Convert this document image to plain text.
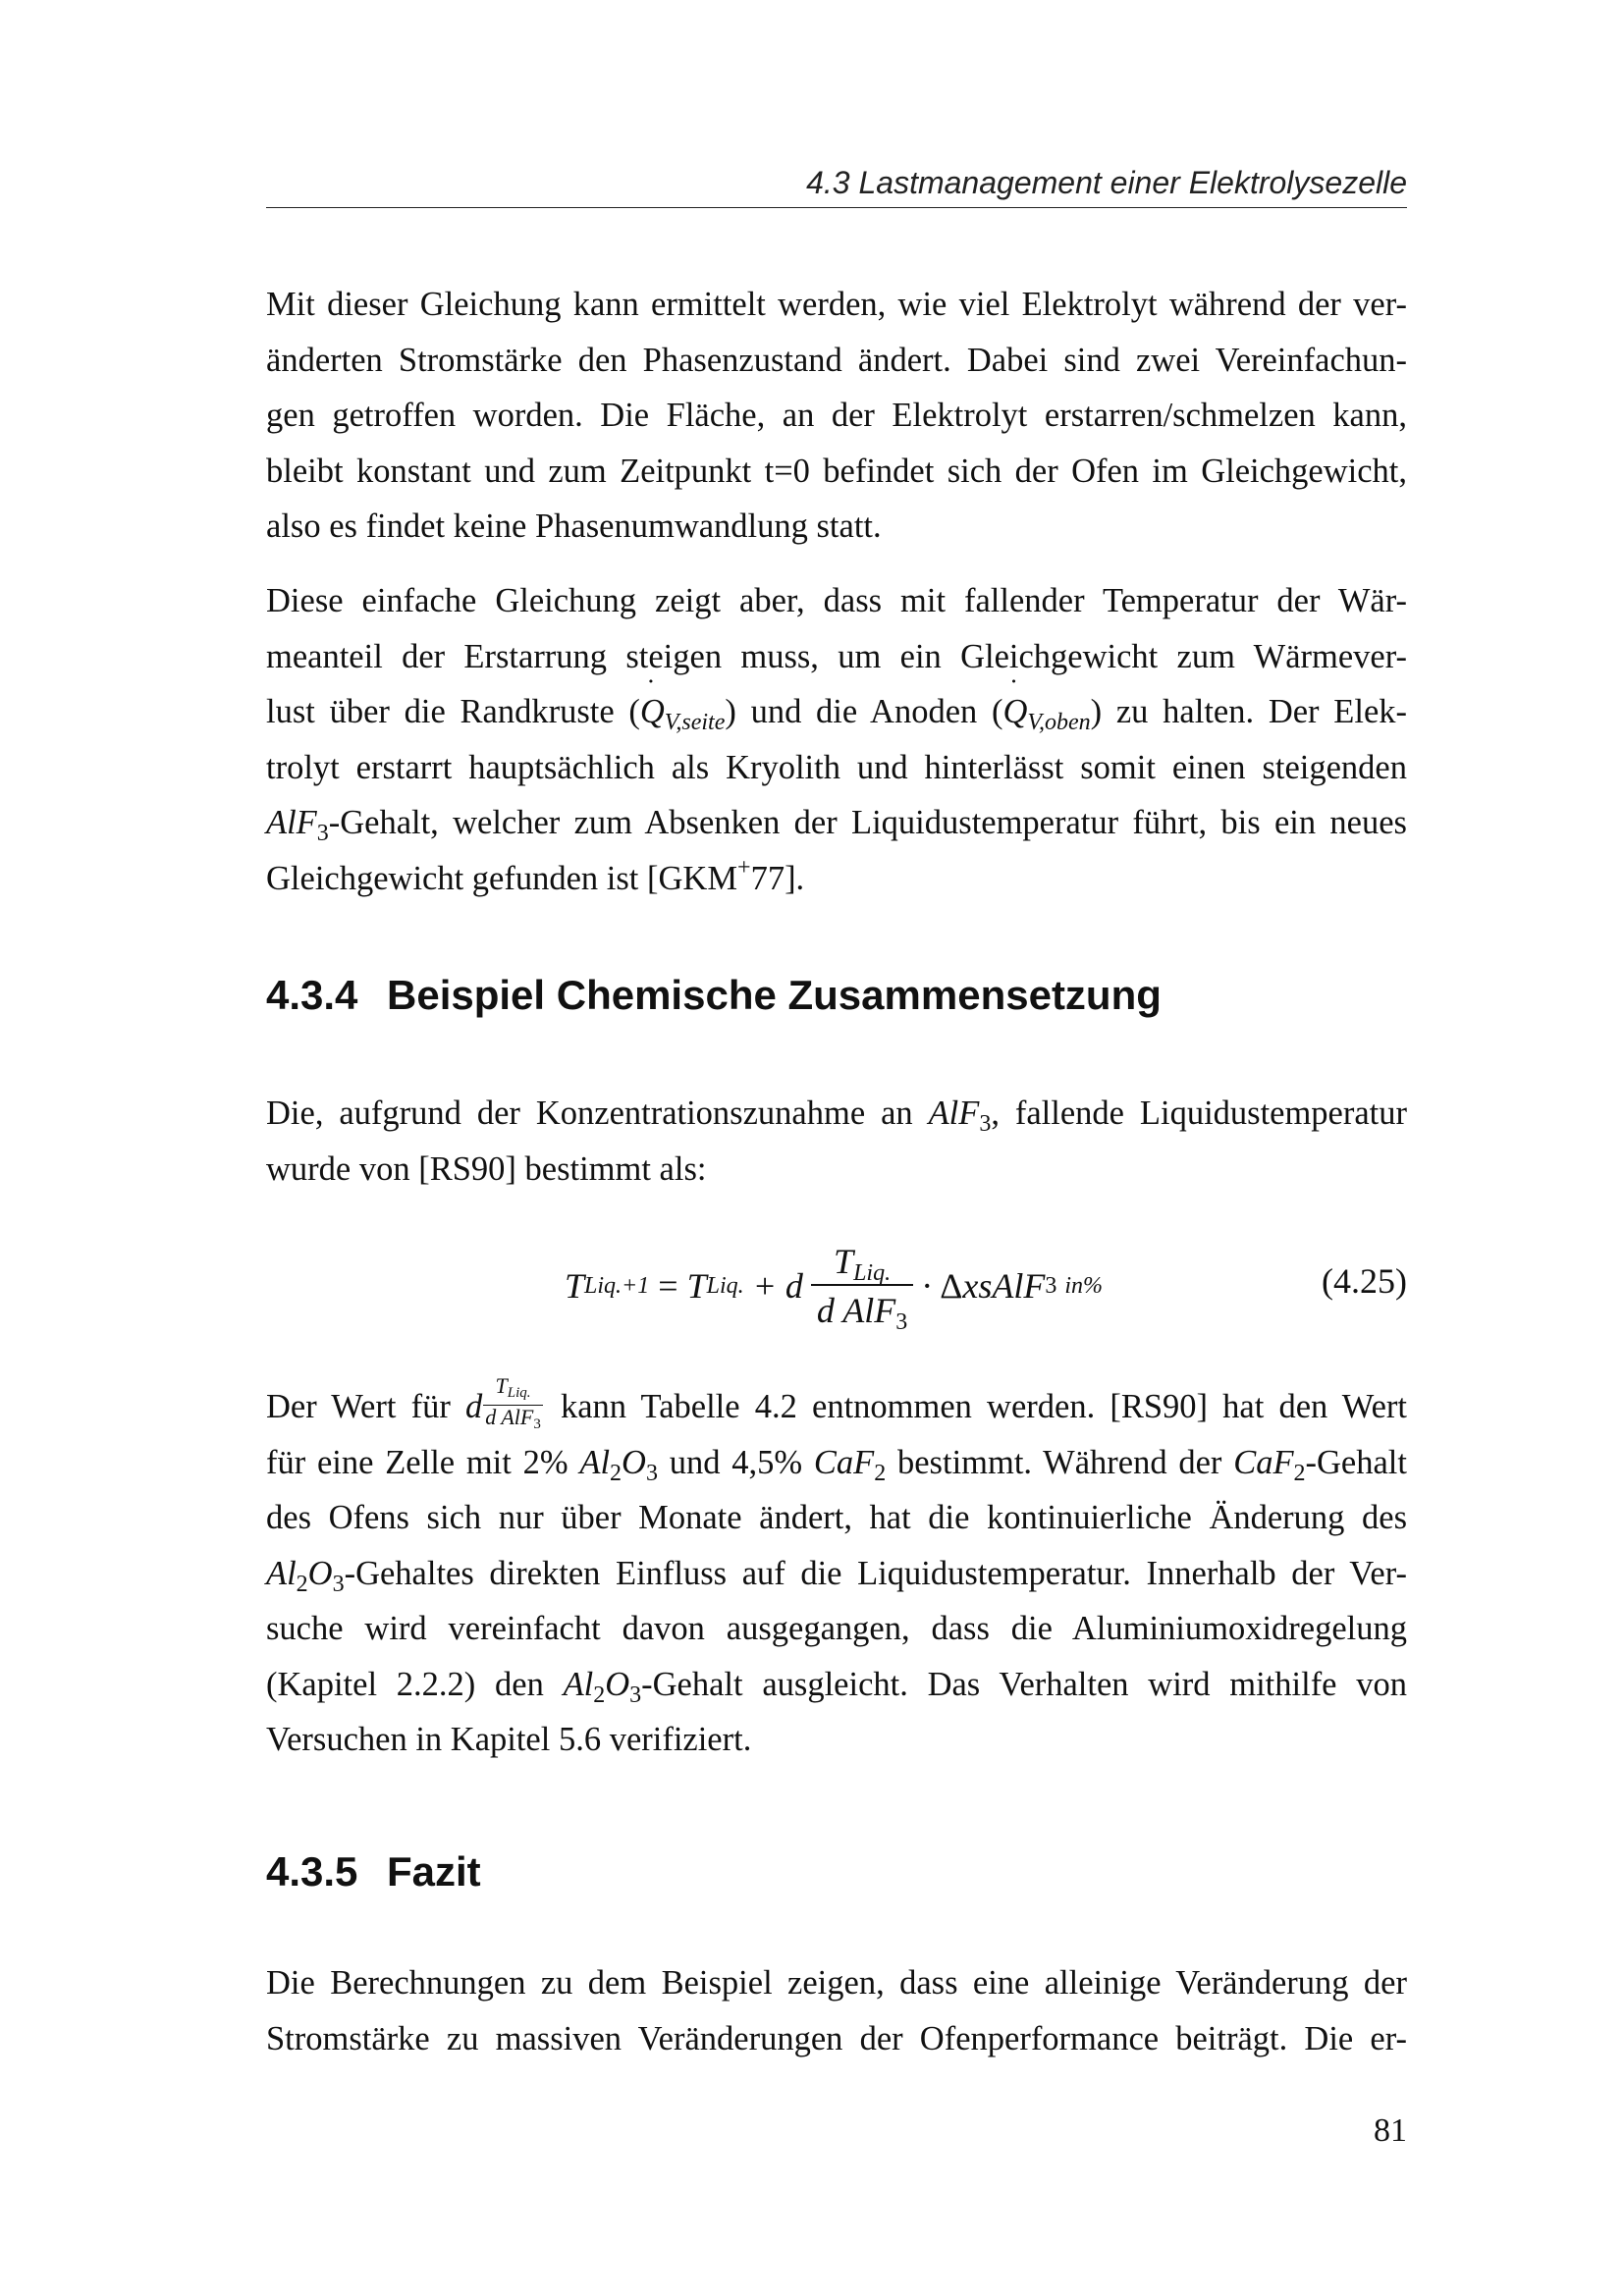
4.3 Lastmanagement einer Elektrolysezelle

Mit dieser Gleichung kann ermittelt werden, wie viel Elektrolyt während der ver-
änderten Stromstärke den Phasenzustand ändert. Dabei sind zwei Vereinfachun-
gen getroffen worden. Die Fläche, an der Elektrolyt erstarren/schmelzen kann,
bleibt konstant und zum Zeitpunkt t=0 befindet sich der Ofen im Gleichgewicht,
also es findet keine Phasenumwandlung statt.

Diese einfache Gleichung zeigt aber, dass mit fallender Temperatur der Wär-
meanteil der Erstarrung steigen muss, um ein Gleichgewicht zum Wärmever-
lust über die Randkruste (˙ $Q_{V,seite}$) und die Anoden (˙ $Q_{V,oben}$) zu halten. Der Elek-
trolyt erstarrt hauptsächlich als Kryolith und hinterlässt somit einen steigenden
AlF$_3$-Gehalt, welcher zum Absenken der Liquidustemperatur führt, bis ein neues
Gleichgewicht gefunden ist [GKM+77].

4.3.4 Beispiel Chemische Zusammensetzung

Die, aufgrund der Konzentrationszunahme an AlF$_3$, fallende Liquidustemperatur
wurde von [RS90] bestimmt als:

T Liq.+1 = T Liq. + d $\frac{\text{TLiq.}}{\text{d AlF3}} \cdot \Delta$ xsAlF 3 in%	(4.25)

Der Wert für d $\frac{\text{TLiq.}}{\text{d AlF3}}$ kann Tabelle 4.2 entnommen werden. [RS90] hat den Wert
für eine Zelle mit 2% $Al_2O_3$ und 4,5% CaF$_2$ bestimmt. Während der CaF$_2$-Gehalt
des Ofens sich nur über Monate ändert, hat die kontinuierliche Änderung des
$Al_2O_3$-Gehaltes direkten Einfluss auf die Liquidustemperatur. Innerhalb der Ver-
suche wird vereinfacht davon ausgegangen, dass die Aluminiumoxidregelung
(Kapitel 2.2.2) den $Al_2O_3$-Gehalt ausgleicht. Das Verhalten wird mithilfe von
Versuchen in Kapitel 5.6 verifiziert.

4.3.5 Fazit

Die Berechnungen zu dem Beispiel zeigen, dass eine alleinige Veränderung der
Stromstärke zu massiven Veränderungen der Ofenperformance beiträgt. Die er-

81
